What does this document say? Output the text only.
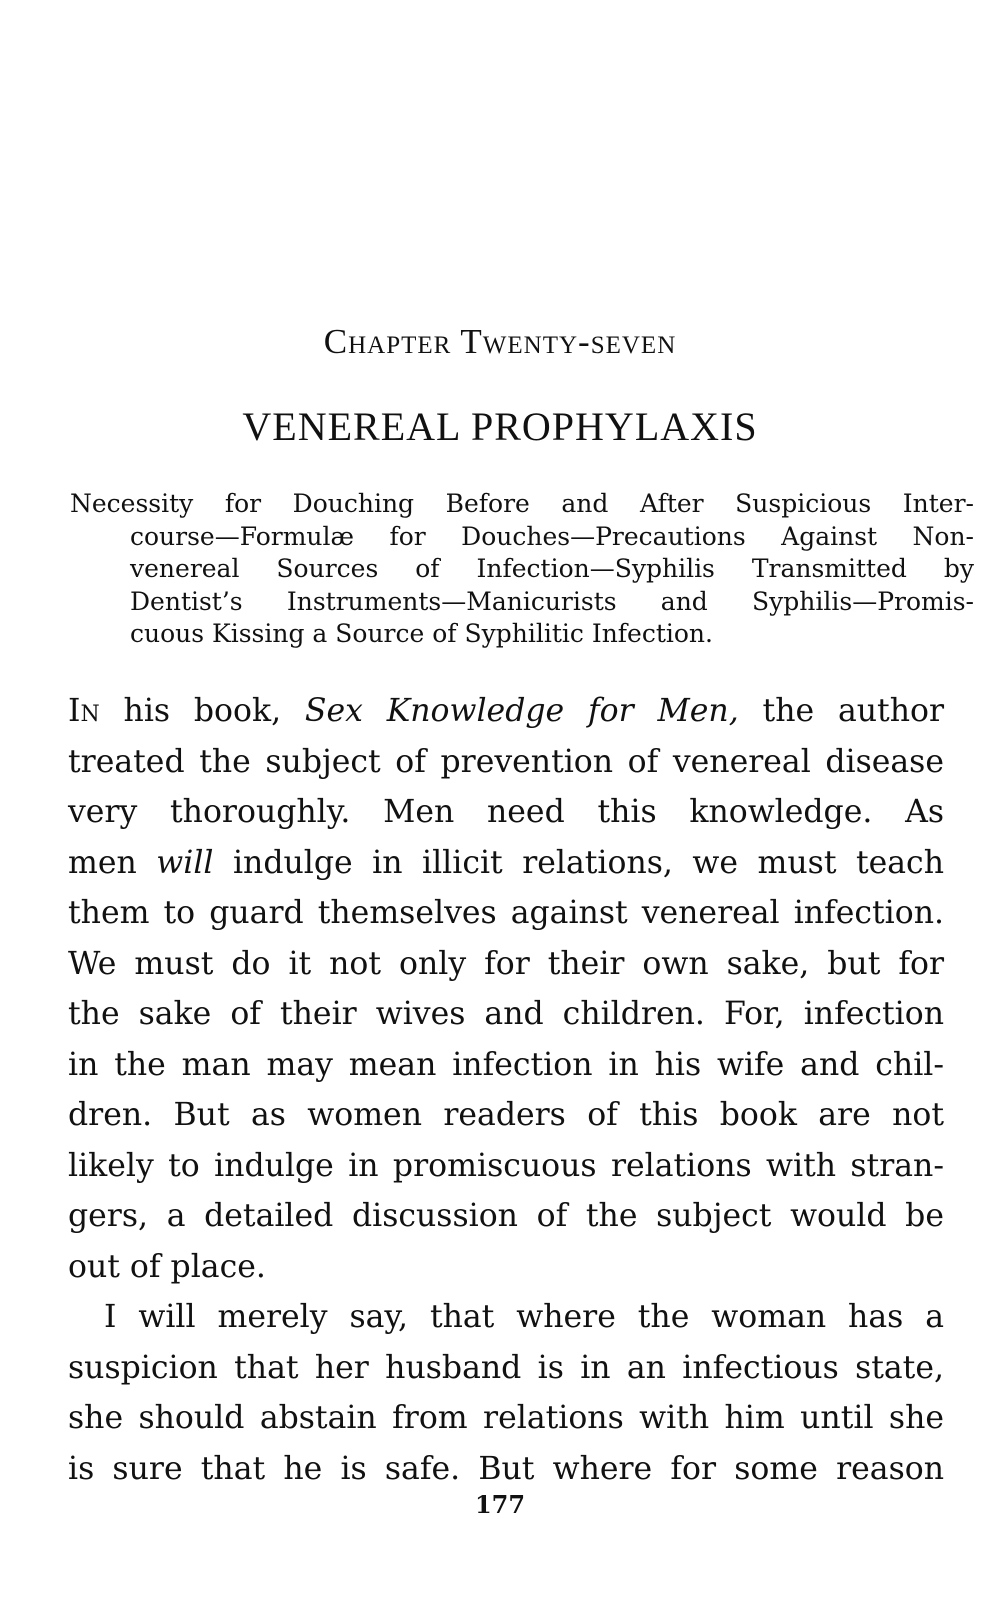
Chapter Twenty-seven

VENEREAL PROPHYLAXIS
Necessity for Douching Before and After Suspicious Inter-
course—Formulæ for Douches—Precautions Against Non-
venereal Sources of Infection—Syphilis Transmitted by
Dentist’s Instruments—Manicurists and Syphilis—Promis-
cuous Kissing a Source of Syphilitic Infection.
In his book, Sex Knowledge for Men, the author
treated the subject of prevention of venereal disease
very thoroughly. Men need this knowledge. As
men will indulge in illicit relations, we must teach
them to guard themselves against venereal infection.
We must do it not only for their own sake, but for
the sake of their wives and children. For, infection
in the man may mean infection in his wife and chil-
dren. But as women readers of this book are not
likely to indulge in promiscuous relations with stran-
gers, a detailed discussion of the subject would be
out of place.
I will merely say, that where the woman has a
suspicion that her husband is in an infectious state,
she should abstain from relations with him until she
is sure that he is safe. But where for some reason

177
